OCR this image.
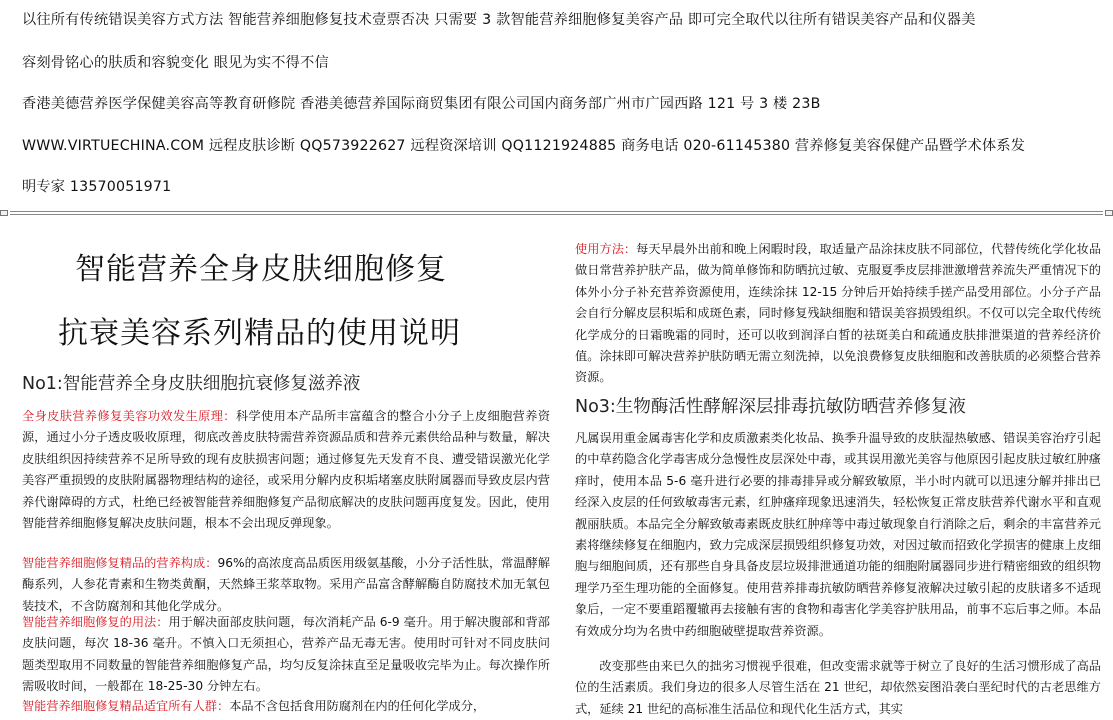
以往所有传统错误美容方式方法 智能营养细胞修复技术壹票否决 只需要 3 款智能营养细胞修复美容产品 即可完全取代以往所有错误美容产品和仪器美
容刻骨铭心的肤质和容貌变化 眼见为实不得不信
香港美德营养医学保健美容高等教育研修院 香港美德营养国际商贸集团有限公司国内商务部广州市广园西路 121 号 3 楼 23B
WWW.VIRTUECHINA.COM 远程皮肤诊断 QQ573922627 远程资深培训 QQ1121924885 商务电话 020-61145380 营养修复美容保健产品暨学术体系发
明专家 13570051971
智能营养全身皮肤细胞修复
抗衰美容系列精品的使用说明
No1:智能营养全身皮肤细胞抗衰修复滋养液
全身皮肤营养修复美容功效发生原理：科学使用本产品所丰富蕴含的整合小分子上皮细胞营养资源，通过小分子透皮吸收原理，彻底改善皮肤特需营养资源品质和营养元素供给品种与数量，解决皮肤组织因持续营养不足所导致的现有皮肤损害问题；通过修复先天发育不良、遭受错误激光化学美容严重损毁的皮肤附属器物理结构的途径，或采用分解内皮积垢堵塞皮肤附属器而导致皮层内营养代谢障碍的方式，杜绝已经被智能营养细胞修复产品彻底解决的皮肤问题再度复发。因此，使用智能营养细胞修复解决皮肤问题，根本不会出现反弹现象。
智能营养细胞修复精品的营养构成：96%的高浓度高品质医用级氨基酸，小分子活性肽，常温酵解酶系列，人参花青素和生物类黄酮，天然蜂王浆萃取物。采用产品富含酵解酶自防腐技术加无氧包装技术，不含防腐剂和其他化学成分。
智能营养细胞修复的用法：用于解决面部皮肤问题，每次消耗产品 6-9 毫升。用于解决腹部和背部皮肤问题，每次 18-36 毫升。不慎入口无须担心，营养产品无毒无害。使用时可针对不同皮肤问题类型取用不同数量的智能营养细胞修复产品，均匀反复涂抹直至足量吸收完毕为止。每次操作所需吸收时间，一般都在 18-25-30 分钟左右。
智能营养细胞修复精品适宜所有人群：本品不含包括食用防腐剂在内的任何化学成分，
使用方法：每天早晨外出前和晚上闲暇时段，取适量产品涂抹皮肤不同部位，代替传统化学化妆品做日常营养护肤产品，做为简单修饰和防晒抗过敏、克服夏季皮层排泄激增营养流失严重情况下的体外小分子补充营养资源使用，连续涂抹 12-15 分钟后开始持续手搓产品受用部位。小分子产品会自行分解皮层积垢和成斑色素，同时修复残缺细胞和错误美容损毁组织。不仅可以完全取代传统化学成分的日霜晚霜的同时，还可以收到润泽白皙的祛斑美白和疏通皮肤排泄渠道的营养经济价值。涂抹即可解决营养护肤防晒无需立刻洗掉，以免浪费修复皮肤细胞和改善肤质的必须整合营养资源。
No3:生物酶活性酵解深层排毒抗敏防晒营养修复液
凡属误用重金属毒害化学和皮质激素类化妆品、换季升温导致的皮肤湿热敏感、错误美容治疗引起的中草药隐含化学毒害成分急慢性皮层深处中毒，或其误用激光美容与他原因引起皮肤过敏红肿瘙痒时，使用本品 5-6 毫升进行必要的排毒排异或分解致敏原，半小时内就可以迅速分解并排出已经深入皮层的任何致敏毒害元素，红肿瘙痒现象迅速消失，轻松恢复正常皮肤营养代谢水平和直观靓丽肤质。本品完全分解致敏毒素既皮肤红肿痒等中毒过敏现象自行消除之后，剩余的丰富营养元素将继续修复在细胞内，致力完成深层损毁组织修复功效，对因过敏而招致化学损害的健康上皮细胞与细胞间质，还有那些自身具备皮层垃圾排泄通道功能的细胞附属器同步进行精密细致的组织物理学乃至生理功能的全面修复。使用营养排毒抗敏防晒营养修复液解决过敏引起的皮肤诸多不适现象后，一定不要重蹈覆辙再去接触有害的食物和毒害化学美容护肤用品，前事不忘后事之师。本品有效成分均为名贵中药细胞破壁提取营养资源。
改变那些由来已久的拙劣习惯视乎很难，但改变需求就等于树立了良好的生活习惯形成了高品位的生活素质。我们身边的很多人尽管生活在 21 世纪，却依然妄图沿袭白垩纪时代的古老思维方式，延续 21 世纪的高标准生活品位和现代化生活方式，其实
